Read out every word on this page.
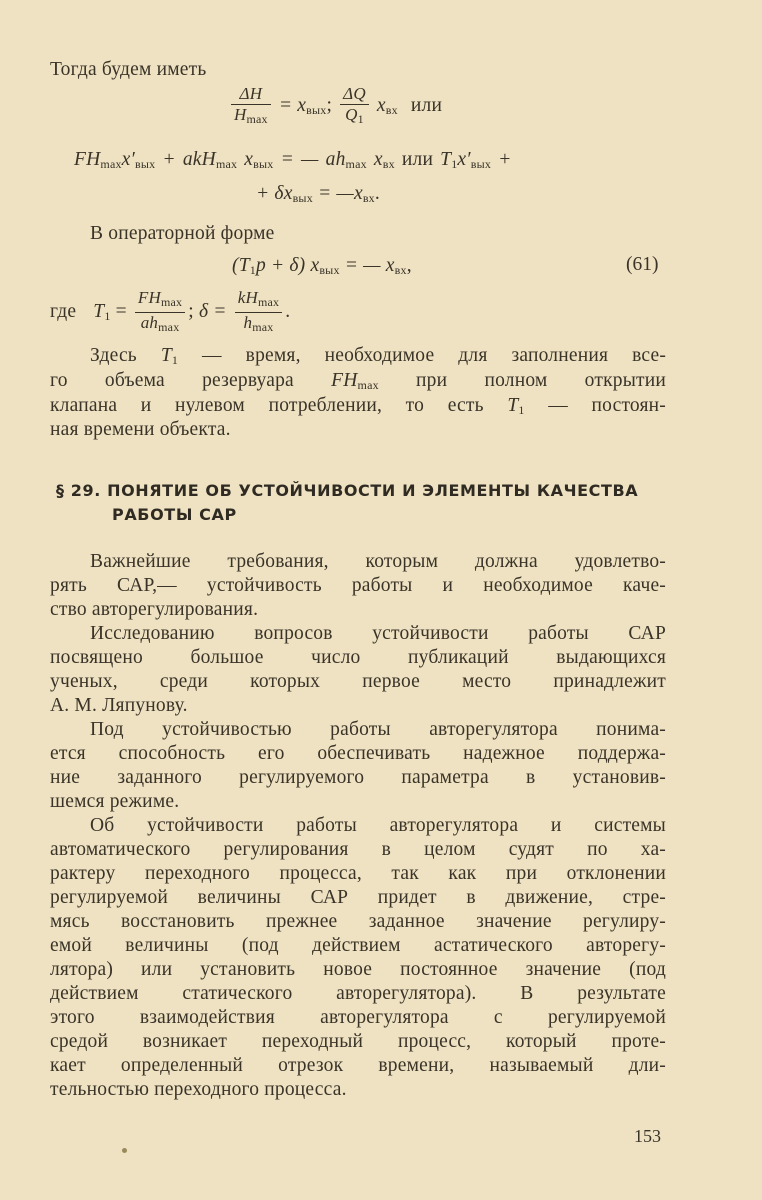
Тогда будем иметь
$\frac{\Delta H}{H_{max}} = x_{вых}$; $\frac{\Delta Q}{Q_1} x_{вх}$ или
$FH_{max}x'_{вых} + akH_{max}$ $x_{вых}$ = — $ah_{max}$ $x_{вх}$ или $T_1x'_{вых}$ +
+ $\delta x_{вых}$ = $—x_{вх}$.
В операторной форме
$(T_1p + \delta) x_{вых}$ = — $x_{вх}$,	(61)
где $T_1 = \frac{FH_{max}}{ah_{max}}$ ; $\delta = \frac{kH_{max}}{h_{max}}$ .
Здесь $T_1$ — время, необходимое для заполнения все-
го объема резервуара $FH_{max}$ при полном открытии
клапана и нулевом потреблении, то есть $T_1$ — постоян-
ная времени объекта.
§ 29. ПОНЯТИЕ ОБ УСТОЙЧИВОСТИ И ЭЛЕМЕНТЫ КАЧЕСТВА
РАБОТЫ САР
Важнейшие требования, которым должна удовлетво-
рять САР,— устойчивость работы и необходимое каче-
ство авторегулирования.
Исследованию вопросов устойчивости работы САР
посвящено большое число публикаций выдающихся
ученых, среди которых первое место принадлежит
А. М. Ляпунову.
Под устойчивостью работы авторегулятора понима-
ется способность его обеспечивать надежное поддержа-
ние заданного регулируемого параметра в установив-
шемся режиме.
Об устойчивости работы авторегулятора и системы
автоматического регулирования в целом судят по ха-
рактеру переходного процесса, так как при отклонении
регулируемой величины САР придет в движение, стре-
мясь восстановить прежнее заданное значение регулиру-
емой величины (под действием астатического авторегу-
лятора) или установить новое постоянное значение (под
действием статического авторегулятора). В результате
этого взаимодействия авторегулятора с регулируемой
средой возникает переходный процесс, который проте-
кает определенный отрезок времени, называемый дли-
тельностью переходного процесса.
153
